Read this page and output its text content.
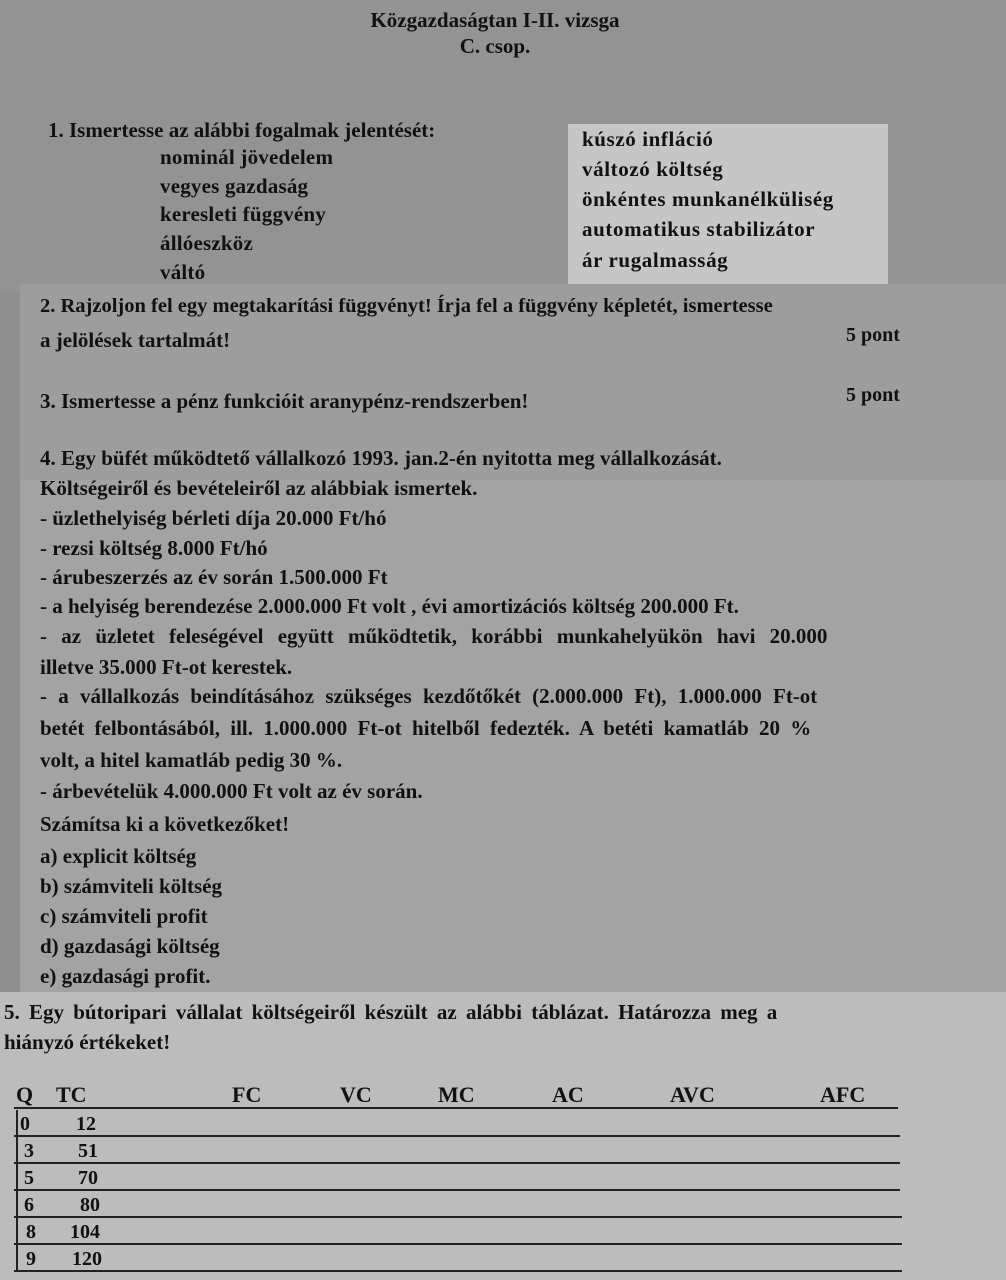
Közgazdaságtan I-II. vizsga
C. csop.
1. Ismertesse az alábbi fogalmak jelentését:
nominál jövedelem
vegyes gazdaság
keresleti függvény
állóeszköz
váltó
kúszó infláció
változó költség
önkéntes munkanélküliség
automatikus stabilizátor
ár rugalmasság
2. Rajzoljon fel egy megtakarítási függvényt! Írja fel a függvény képletét, ismertesse
a jelölések tartalmát!	5 pont
3. Ismertesse a pénz funkcióit aranypénz-rendszerben!	5 pont
4. Egy büfét működtető vállalkozó 1993. jan.2-én nyitotta meg vállalkozását.
Költségeiről és bevételeiről az alábbiak ismertek.
- üzlethelyiség bérleti díja 20.000 Ft/hó
- rezsi költség 8.000 Ft/hó
- árubeszerzés az év során 1.500.000 Ft
- a helyiség berendezése 2.000.000 Ft volt , évi amortizációs költség 200.000 Ft.
- az üzletet feleségével együtt működtetik, korábbi munkahelyükön havi 20.000
illetve 35.000 Ft-ot kerestek.
- a vállalkozás beindításához szükséges kezdőtőkét (2.000.000 Ft), 1.000.000 Ft-ot
betét felbontásából, ill. 1.000.000 Ft-ot hitelből fedezték. A betéti kamatláb 20 %
volt, a hitel kamatláb pedig 30 %.
- árbevételük 4.000.000 Ft volt az év során.
Számítsa ki a következőket!
a) explicit költség
b) számviteli költség
c) számviteli profit
d) gazdasági költség
e) gazdasági profit.
5. Egy bútoripari vállalat költségeiről készült az alábbi táblázat. Határozza meg a
hiányzó értékeket!
Q TC	FC	VC	MC	AC	AVC	AFC
0 12
3 51
5 70
6 80
8 104
9 120
